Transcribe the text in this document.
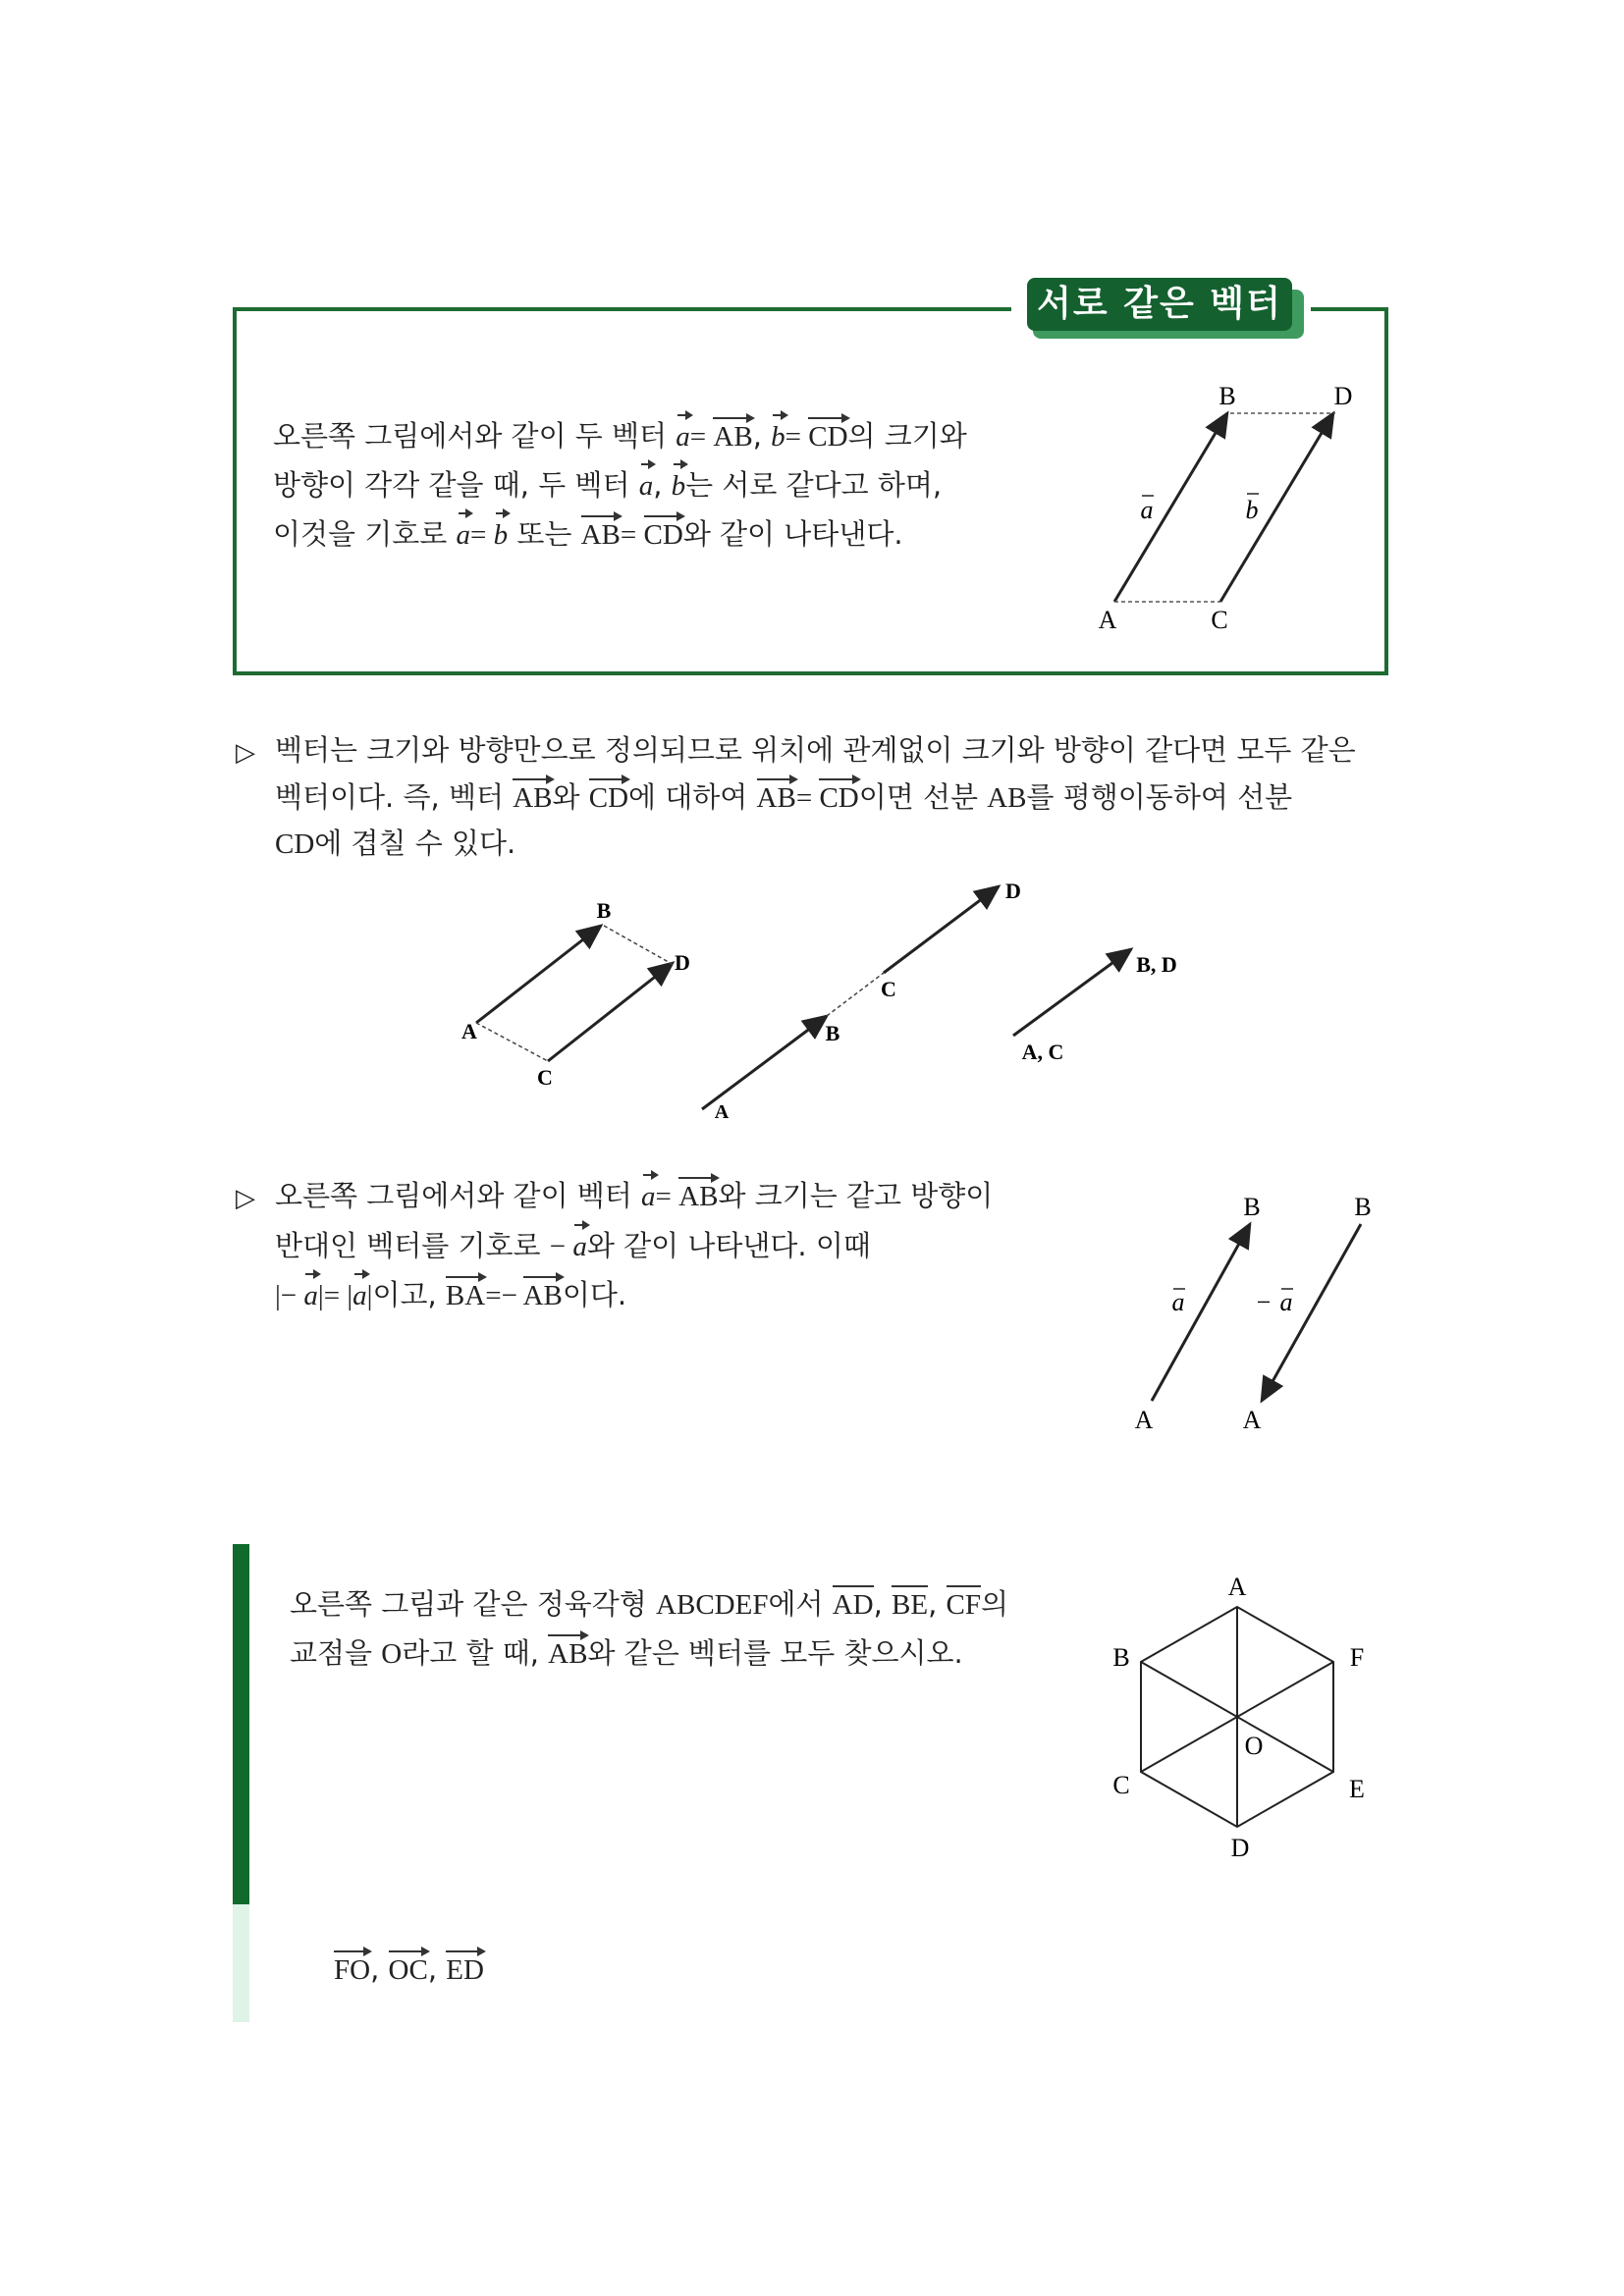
서로 같은 벡터
오른쪽 그림에서와 같이 두 벡터 a= AB, b= CD의 크기와
방향이 각각 같을 때, 두 벡터 a, b는 서로 같다고 하며,
이것을 기호로 a= b 또는 AB= CD와 같이 나타낸다.
B	D
A	C
a	b
▷ 벡터는 크기와 방향만으로 정의되므로 위치에 관계없이 크기와 방향이 같다면 모두 같은
벡터이다. 즉, 벡터 AB와 CD에 대하여 AB= CD이면 선분 AB를 평행이동하여 선분
CD에 겹칠 수 있다.
B
D
A
C
A
B
C
D
A, C
B, D
▷ 오른쪽 그림에서와 같이 벡터 a= AB와 크기는 같고 방향이
반대인 벡터를 기호로 − a와 같이 나타낸다. 이때
|− a|= |a|이고, BA=− AB이다.
B	B
A	A
a	− a
오른쪽 그림과 같은 정육각형 ABCDEF에서 AD, BE, CF의
교점을 O라고 할 때, AB와 같은 벡터를 모두 찾으시오.
A
B
C
D
E
F
O
FO, OC, ED
